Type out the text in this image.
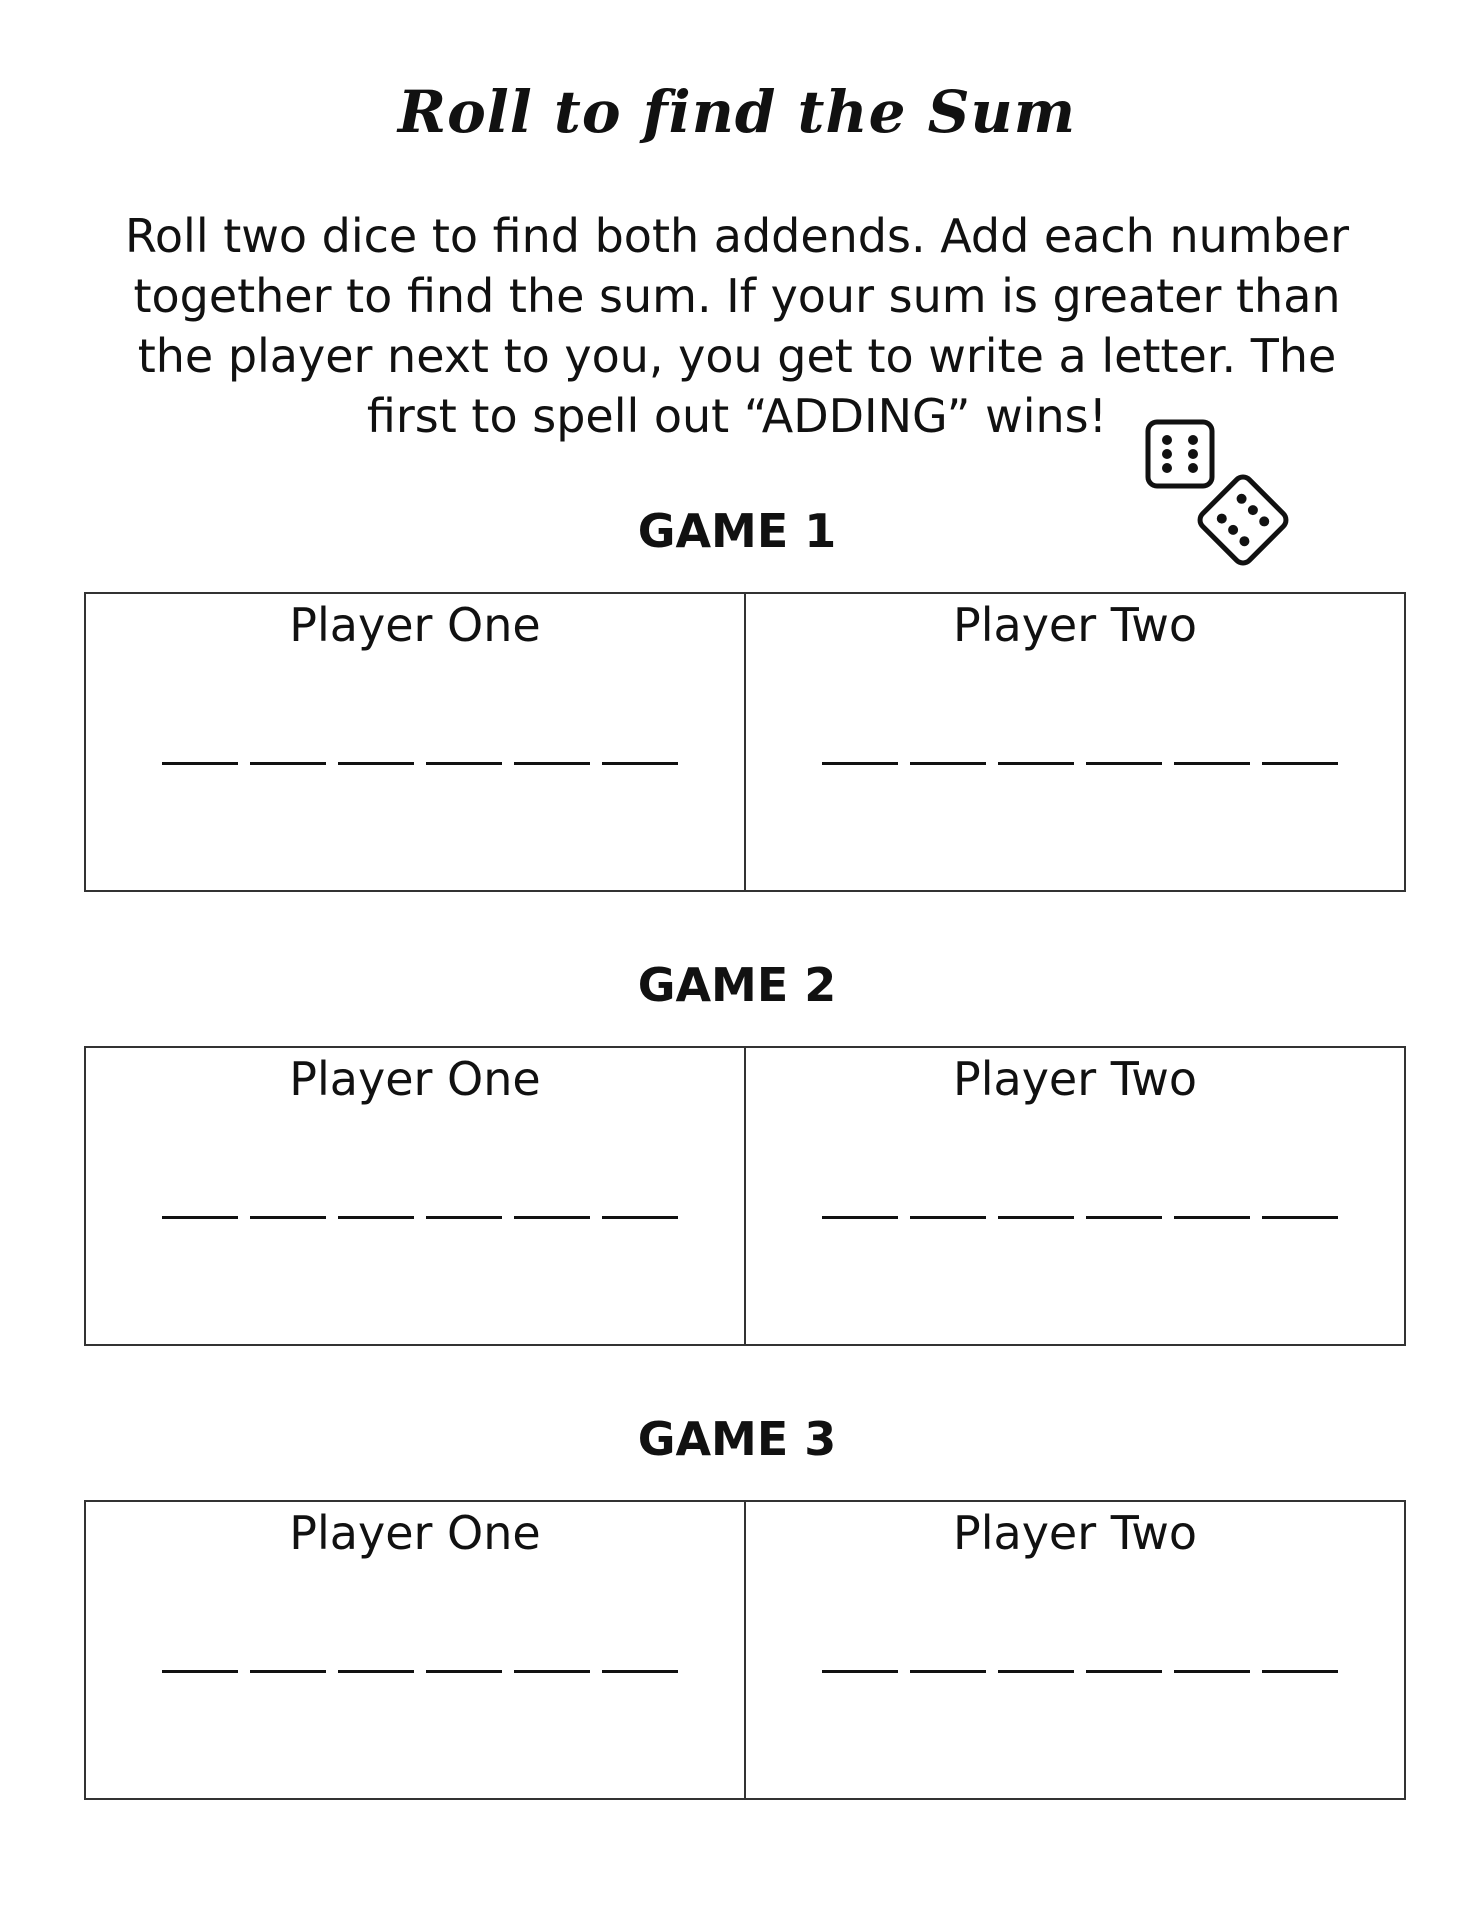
Roll to find the Sum
Roll two dice to find both addends. Add each number together to find the sum. If your sum is greater than the player next to you, you get to write a letter. The first to spell out “ADDING” wins!
GAME 1
Player One	Player Two
GAME 2
Player One	Player Two
GAME 3
Player One	Player Two
